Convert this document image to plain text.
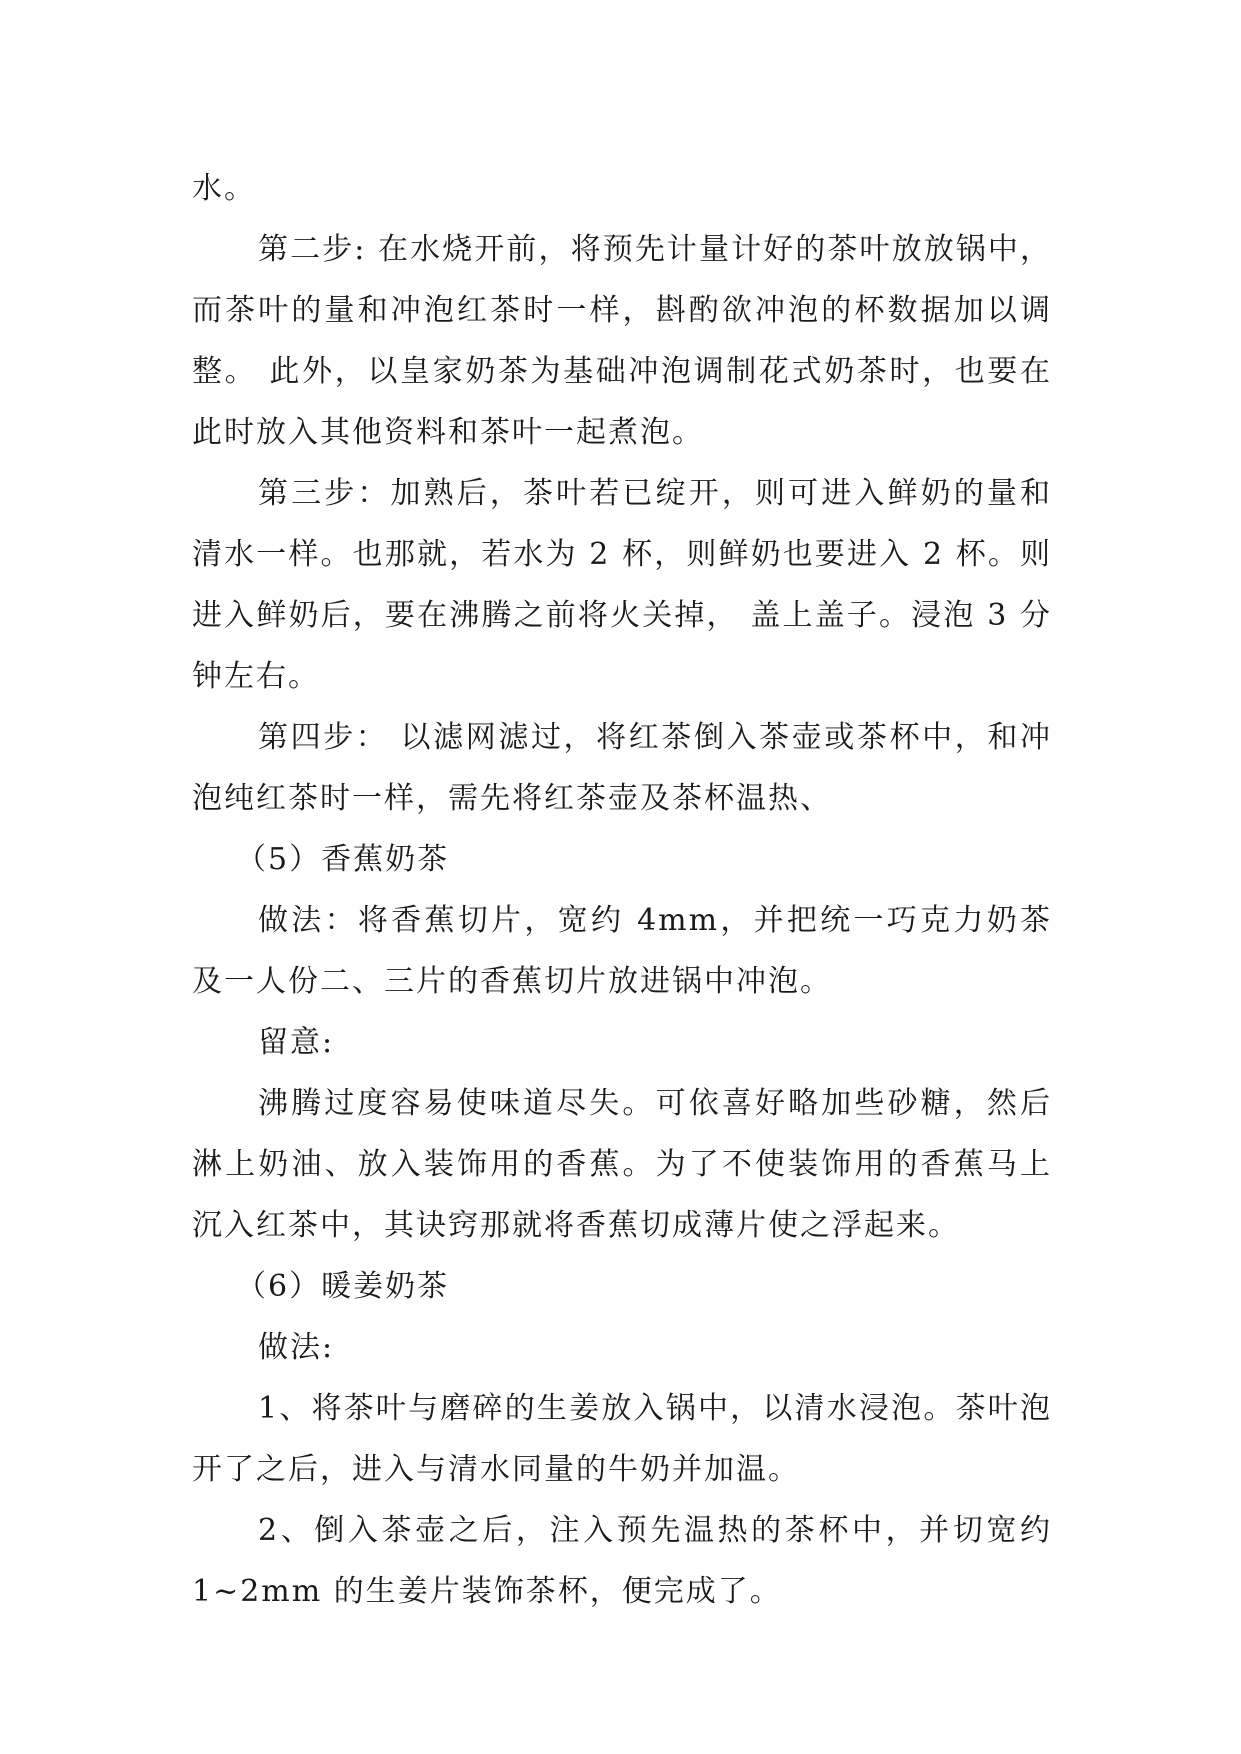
水。

第二步: 在水烧开前，将预先计量计好的茶叶放放锅中，而茶叶的量和冲泡红茶时一样，斟酌欲冲泡的杯数据加以调整。 此外，以皇家奶茶为基础冲泡调制花式奶茶时，也要在此时放入其他资料和茶叶一起煮泡。

第三步：加熟后，茶叶若已绽开，则可进入鲜奶的量和清水一样。也那就，若水为 2 杯，则鲜奶也要进入 2 杯。则进入鲜奶后，要在沸腾之前将火关掉， 盖上盖子。浸泡 3 分钟左右。

第四步： 以滤网滤过，将红茶倒入茶壶或茶杯中，和冲泡纯红茶时一样，需先将红茶壶及茶杯温热、

（5）香蕉奶茶

做法：将香蕉切片，宽约 4mm，并把统一巧克力奶茶及一人份二、三片的香蕉切片放进锅中冲泡。

留意:

沸腾过度容易使味道尽失。可依喜好略加些砂糖，然后淋上奶油、放入装饰用的香蕉。为了不使装饰用的香蕉马上沉入红茶中，其诀窍那就将香蕉切成薄片使之浮起来。

（6）暖姜奶茶

做法:

1、将茶叶与磨碎的生姜放入锅中，以清水浸泡。茶叶泡开了之后，进入与清水同量的牛奶并加温。

2、倒入茶壶之后，注入预先温热的茶杯中，并切宽约 1~2mm 的生姜片装饰茶杯，便完成了。
